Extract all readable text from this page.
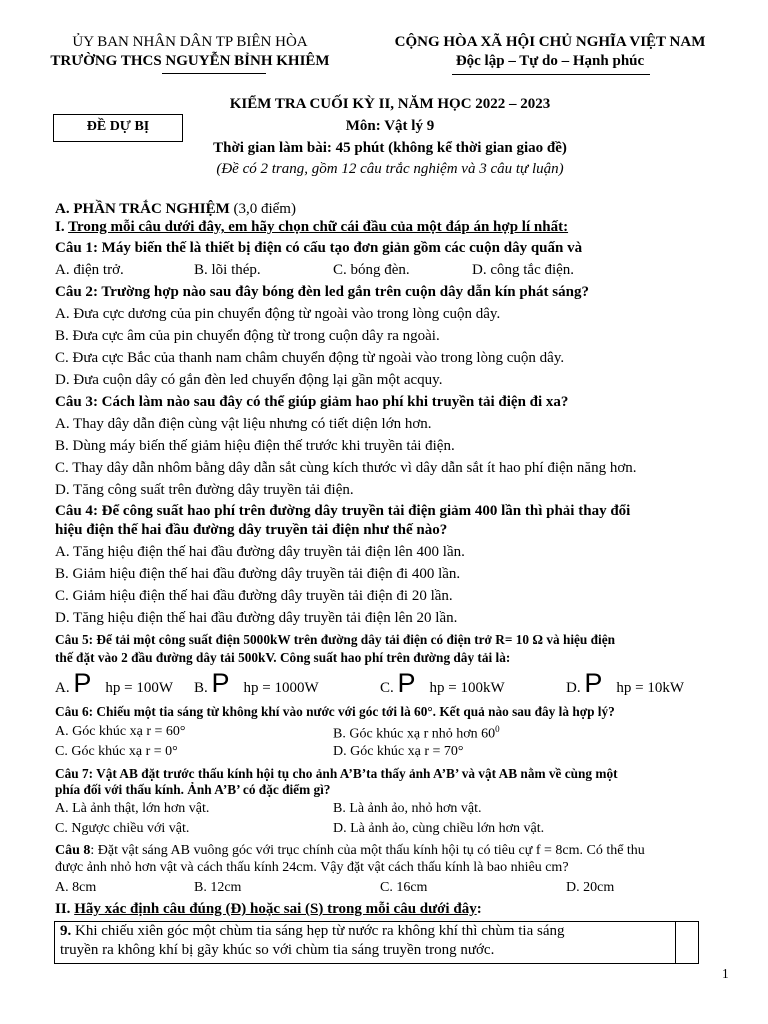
ỦY BAN NHÂN DÂN TP BIÊN HÒA
TRƯỜNG THCS NGUYỄN BỈNH KHIÊM
CỘNG HÒA XÃ HỘI CHỦ NGHĨA VIỆT NAM
Độc lập – Tự do – Hạnh phúc
ĐỀ DỰ BỊ
KIỂM TRA CUỐI KỲ II, NĂM HỌC 2022 – 2023
Môn: Vật lý 9
Thời gian làm bài: 45 phút (không kể thời gian giao đề)
(Đề có 2 trang, gồm 12 câu trắc nghiệm và 3 câu tự luận)
A. PHẦN TRẮC NGHIỆM (3,0 điểm)
I. Trong mỗi câu dưới đây, em hãy chọn chữ cái đầu của một đáp án hợp lí nhất:
Câu 1: Máy biến thế là thiết bị điện có cấu tạo đơn giản gồm các cuộn dây quấn và
A. điện trở.	B. lõi thép.	C. bóng đèn.	D. công tắc điện.
Câu 2: Trường hợp nào sau đây bóng đèn led gắn trên cuộn dây dẫn kín phát sáng?
A. Đưa cực dương của pin chuyển động từ ngoài vào trong lòng cuộn dây.
B. Đưa cực âm của pin chuyển động từ trong cuộn dây ra ngoài.
C. Đưa cực Bắc của thanh nam châm chuyển động từ ngoài vào trong lòng cuộn dây.
D. Đưa cuộn dây có gắn đèn led chuyển động lại gần một acquy.
Câu 3: Cách làm nào sau đây có thể giúp giảm hao phí khi truyền tải điện đi xa?
A. Thay dây dẫn điện cùng vật liệu nhưng có tiết diện lớn hơn.
B. Dùng máy biến thế giảm hiệu điện thế trước khi truyền tải điện.
C. Thay dây dẫn nhôm bằng dây dẫn sắt cùng kích thước vì dây dẫn sắt ít hao phí điện năng hơn.
D. Tăng công suất trên đường dây truyền tải điện.
Câu 4: Để công suất hao phí trên đường dây truyền tải điện giảm 400 lần thì phải thay đổi
hiệu điện thế hai đầu đường dây truyền tải điện như thế nào?
A. Tăng hiệu điện thế hai đầu đường dây truyền tải điện lên 400 lần.
B. Giảm hiệu điện thế hai đầu đường dây truyền tải điện đi 400 lần.
C. Giảm hiệu điện thế hai đầu đường dây truyền tải điện đi 20 lần.
D. Tăng hiệu điện thế hai đầu đường dây truyền tải điện lên 20 lần.
Câu 5: Để tải một công suất điện 5000kW trên đường dây tải điện có điện trở R= 10 Ω và hiệu điện
thế đặt vào 2 đầu đường dây tải 500kV. Công suất hao phí trên đường dây tải là:
A. P hp = 100W B. P hp = 1000W	C. P hp = 100kW	D. P hp = 10kW
Câu 6: Chiếu một tia sáng từ không khí vào nước với góc tới là 60°. Kết quả nào sau đây là hợp lý?
A. Góc khúc xạ r = 60°	B. Góc khúc xạ r nhỏ hơn $60^0$
C. Góc khúc xạ r = 0°	D. Góc khúc xạ r = 70°
Câu 7: Vật AB đặt trước thấu kính hội tụ cho ảnh A’B’ta thấy ảnh A’B’ và vật AB nằm về cùng một
phía đối với thấu kính. Ảnh A’B’ có đặc điểm gì?
A. Là ảnh thật, lớn hơn vật.	B. Là ảnh ảo, nhỏ hơn vật.
C. Ngược chiều với vật.	D. Là ảnh ảo, cùng chiều lớn hơn vật.
Câu 8: Đặt vật sáng AB vuông góc với trục chính của một thấu kính hội tụ có tiêu cự f = 8cm. Có thể thu
được ảnh nhỏ hơn vật và cách thấu kính 24cm. Vậy đặt vật cách thấu kính là bao nhiêu cm?
A. 8cm	B. 12cm	C. 16cm	D. 20cm
II. Hãy xác định câu đúng (Đ) hoặc sai (S) trong mỗi câu dưới đây:
9. Khi chiếu xiên góc một chùm tia sáng hẹp từ nước ra không khí thì chùm tia sáng
truyền ra không khí bị gãy khúc so với chùm tia sáng truyền trong nước.
1
